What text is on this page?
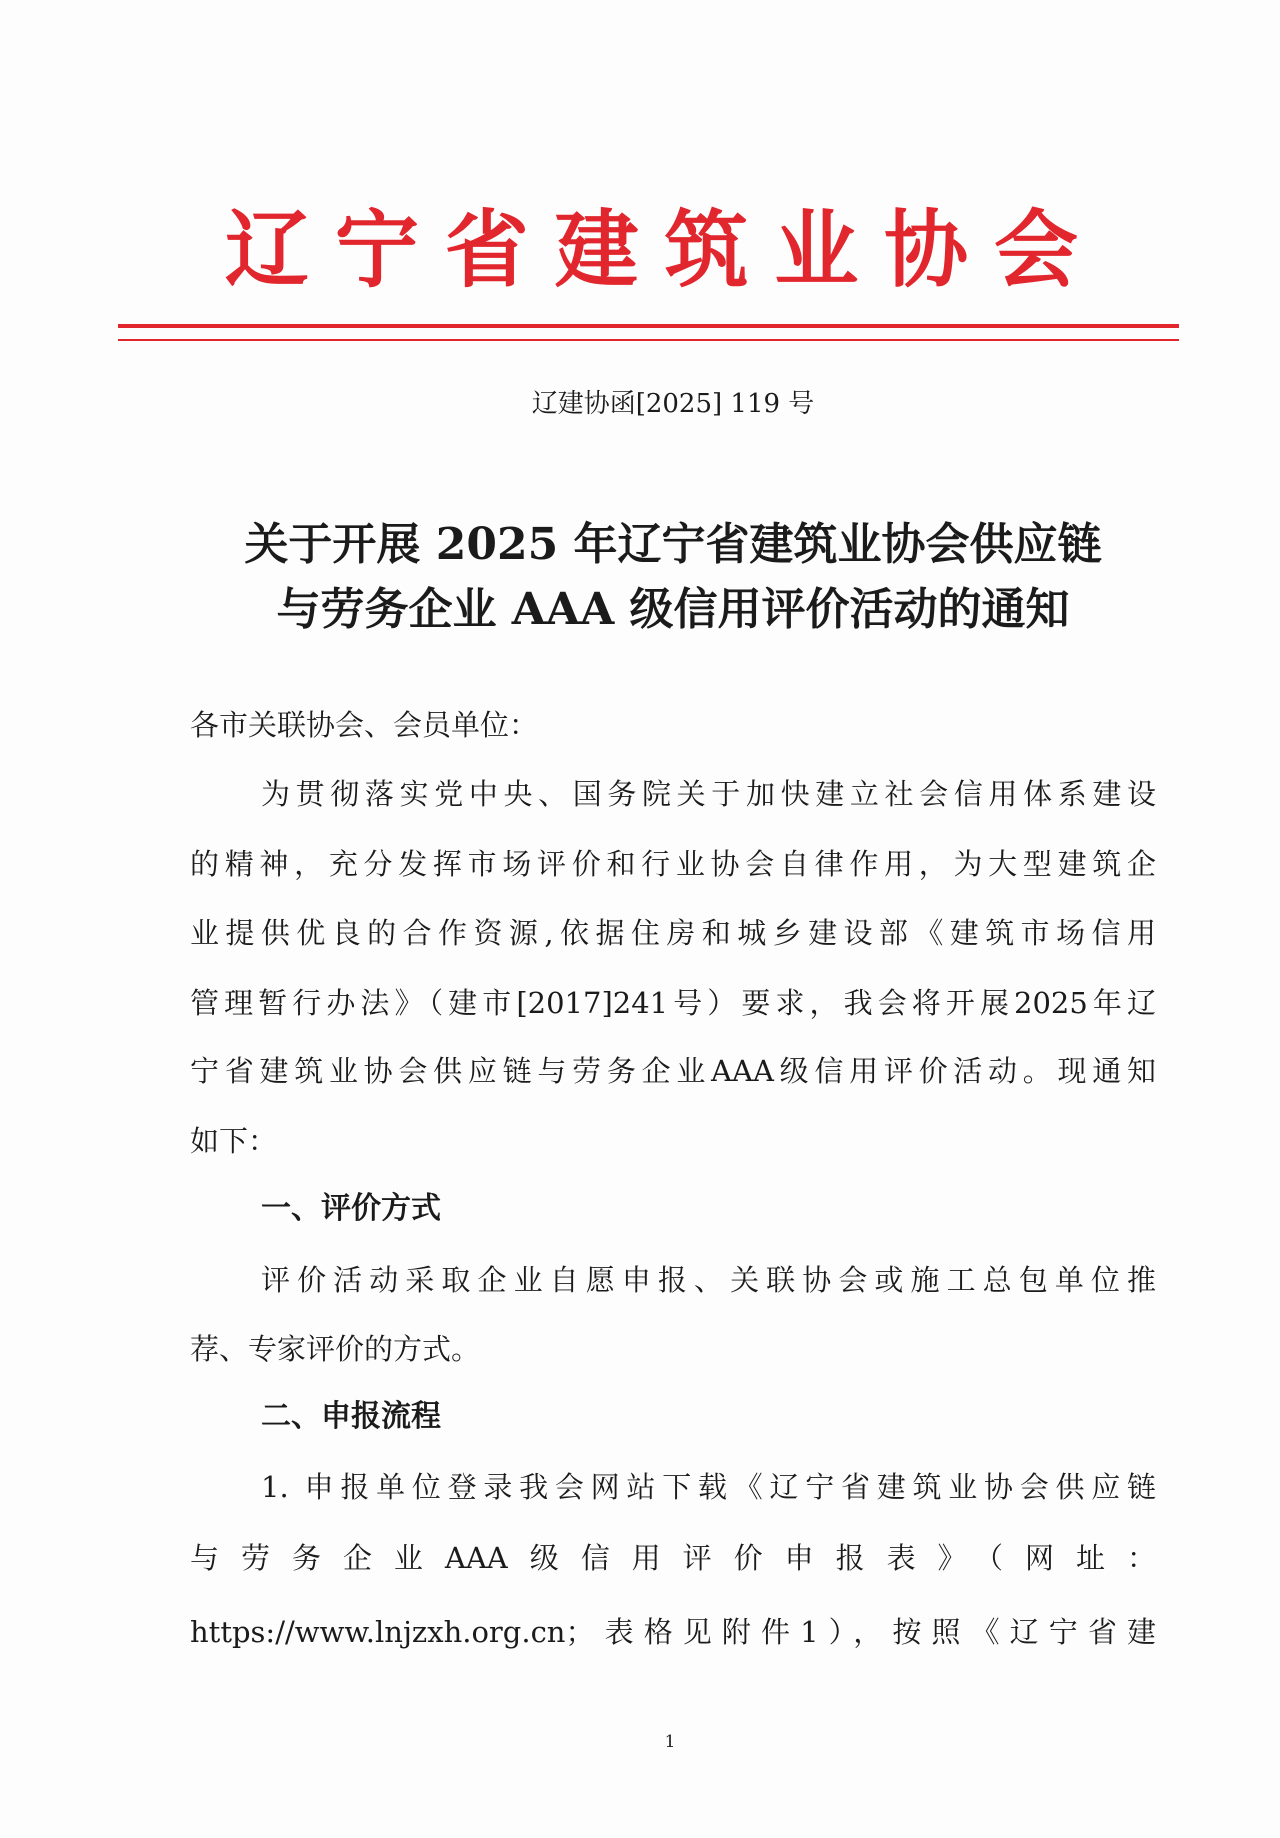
辽宁省建筑业协会
辽建协函[2025] 119 号
关于开展 2025 年辽宁省建筑业协会供应链
与劳务企业 AAA 级信用评价活动的通知
各市关联协会、会员单位：
为贯彻落实党中央、国务院关于加快建立社会信用体系建设
的精神，充分发挥市场评价和行业协会自律作用，为大型建筑企
业提供优良的合作资源,依据住房和城乡建设部《建筑市场信用
管理暂行办法》（建市[2017]241号）要求，我会将开展2025年辽
宁省建筑业协会供应链与劳务企业AAA级信用评价活动。现通知
如下：
一、评价方式
评价活动采取企业自愿申报、关联协会或施工总包单位推
荐、专家评价的方式。
二、申报流程
1. 申报单位登录我会网站下载《辽宁省建筑业协会供应链
与劳务企业AAA级信用评价申报表》（网址：
https://www.lnjzxh.org.cn；表格见附件1），按照《辽宁省建
1
